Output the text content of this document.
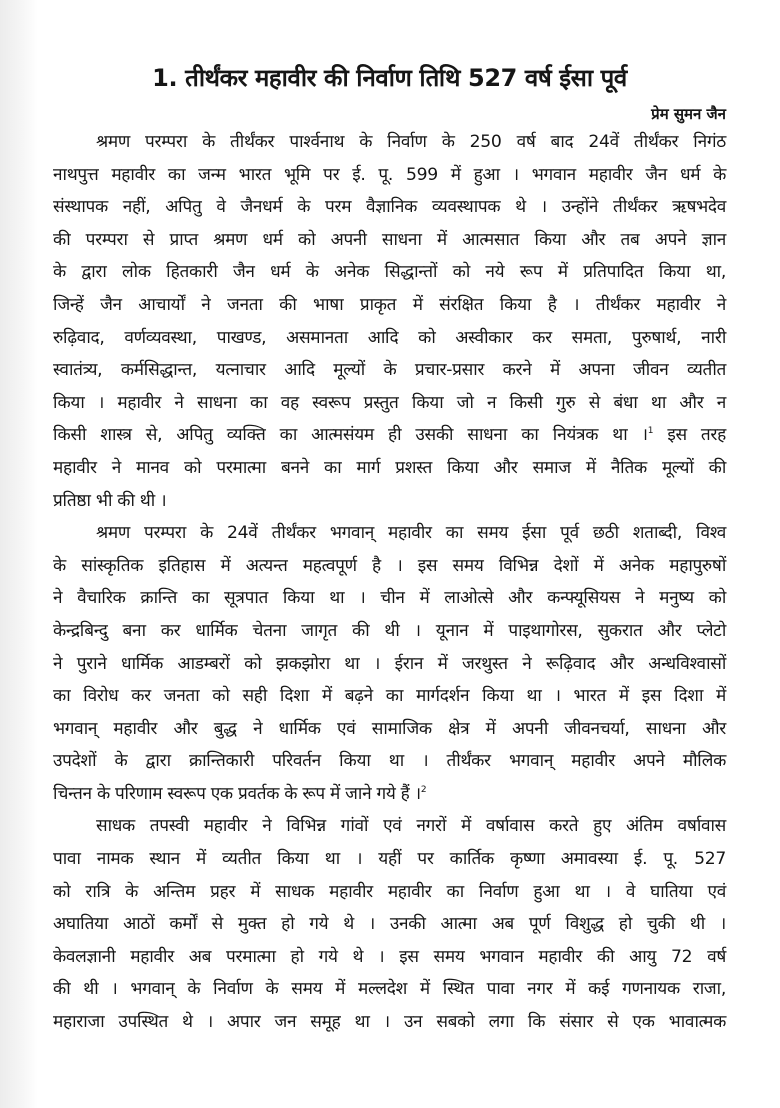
1. तीर्थंकर महावीर की निर्वाण तिथि 527 वर्ष ईसा पूर्व
प्रेम सुमन जैन
श्रमण परम्परा के तीर्थंकर पार्श्वनाथ के निर्वाण के 250 वर्ष बाद 24वें तीर्थंकर निगंठ
नाथपुत्त महावीर का जन्म भारत भूमि पर ई. पू. 599 में हुआ । भगवान महावीर जैन धर्म के
संस्थापक नहीं, अपितु वे जैनधर्म के परम वैज्ञानिक व्यवस्थापक थे । उन्होंने तीर्थंकर ऋषभदेव
की परम्परा से प्राप्त श्रमण धर्म को अपनी साधना में आत्मसात किया और तब अपने ज्ञान
के द्वारा लोक हितकारी जैन धर्म के अनेक सिद्धान्तों को नये रूप में प्रतिपादित किया था,
जिन्हें जैन आचार्यों ने जनता की भाषा प्राकृत में संरक्षित किया है । तीर्थंकर महावीर ने
रुढ़िवाद, वर्णव्यवस्था, पाखण्ड, असमानता आदि को अस्वीकार कर समता, पुरुषार्थ, नारी
स्वातंत्र्य, कर्मसिद्धान्त, यत्नाचार आदि मूल्यों के प्रचार-प्रसार करने में अपना जीवन व्यतीत
किया । महावीर ने साधना का वह स्वरूप प्रस्तुत किया जो न किसी गुरु से बंधा था और न
किसी शास्त्र से, अपितु व्यक्ति का आत्मसंयम ही उसकी साधना का नियंत्रक था ।$^1$ इस तरह
महावीर ने मानव को परमात्मा बनने का मार्ग प्रशस्त किया और समाज में नैतिक मूल्यों की
प्रतिष्ठा भी की थी ।
श्रमण परम्परा के 24वें तीर्थंकर भगवान् महावीर का समय ईसा पूर्व छठी शताब्दी, विश्व
के सांस्कृतिक इतिहास में अत्यन्त महत्वपूर्ण है । इस समय विभिन्न देशों में अनेक महापुरुषों
ने वैचारिक क्रान्ति का सूत्रपात किया था । चीन में लाओत्से और कन्फ्यूसियस ने मनुष्य को
केन्द्रबिन्दु बना कर धार्मिक चेतना जागृत की थी । यूनान में पाइथागोरस, सुकरात और प्लेटो
ने पुराने धार्मिक आडम्बरों को झकझोरा था । ईरान में जरथुस्त ने रूढ़िवाद और अन्धविश्वासों
का विरोध कर जनता को सही दिशा में बढ़ने का मार्गदर्शन किया था । भारत में इस दिशा में
भगवान् महावीर और बुद्ध ने धार्मिक एवं सामाजिक क्षेत्र में अपनी जीवनचर्या, साधना और
उपदेशों के द्वारा क्रान्तिकारी परिवर्तन किया था । तीर्थंकर भगवान् महावीर अपने मौलिक
चिन्तन के परिणाम स्वरूप एक प्रवर्तक के रूप में जाने गये हैं ।$^2$
साधक तपस्वी महावीर ने विभिन्न गांवों एवं नगरों में वर्षावास करते हुए अंतिम वर्षावास
पावा नामक स्थान में व्यतीत किया था । यहीं पर कार्तिक कृष्णा अमावस्या ई. पू. 527
को रात्रि के अन्तिम प्रहर में साधक महावीर महावीर का निर्वाण हुआ था । वे घातिया एवं
अघातिया आठों कर्मों से मुक्त हो गये थे । उनकी आत्मा अब पूर्ण विशुद्ध हो चुकी थी ।
केवलज्ञानी महावीर अब परमात्मा हो गये थे । इस समय भगवान महावीर की आयु 72 वर्ष
की थी । भगवान् के निर्वाण के समय में मल्लदेश में स्थित पावा नगर में कई गणनायक राजा,
महाराजा उपस्थित थे । अपार जन समूह था । उन सबको लगा कि संसार से एक भावात्मक
